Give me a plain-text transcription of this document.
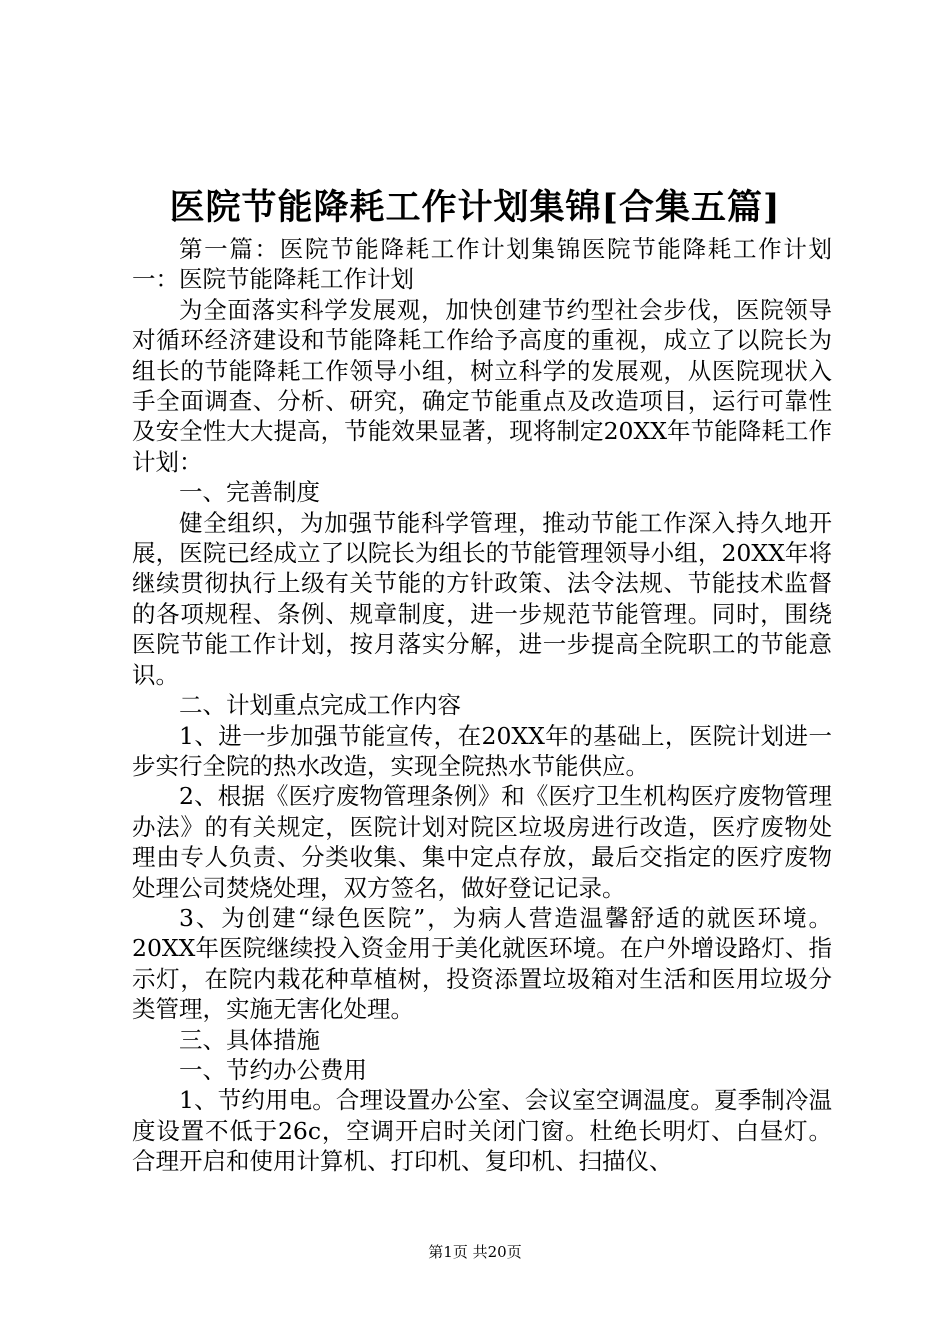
医院节能降耗工作计划集锦[合集五篇]

第一篇：医院节能降耗工作计划集锦医院节能降耗工作计划一：医院节能降耗工作计划

为全面落实科学发展观，加快创建节约型社会步伐，医院领导对循环经济建设和节能降耗工作给予高度的重视，成立了以院长为组长的节能降耗工作领导小组，树立科学的发展观，从医院现状入手全面调查、分析、研究，确定节能重点及改造项目，运行可靠性及安全性大大提高，节能效果显著，现将制定20XX年节能降耗工作计划：

一、完善制度

健全组织，为加强节能科学管理，推动节能工作深入持久地开展，医院已经成立了以院长为组长的节能管理领导小组，20XX年将继续贯彻执行上级有关节能的方针政策、法令法规、节能技术监督的各项规程、条例、规章制度，进一步规范节能管理。同时，围绕医院节能工作计划，按月落实分解，进一步提高全院职工的节能意识。

二、计划重点完成工作内容

1、进一步加强节能宣传，在20XX年的基础上，医院计划进一步实行全院的热水改造，实现全院热水节能供应。

2、根据《医疗废物管理条例》和《医疗卫生机构医疗废物管理办法》的有关规定，医院计划对院区垃圾房进行改造，医疗废物处理由专人负责、分类收集、集中定点存放，最后交指定的医疗废物处理公司焚烧处理，双方签名，做好登记记录。

3、为创建“绿色医院”，为病人营造温馨舒适的就医环境。20XX年医院继续投入资金用于美化就医环境。在户外增设路灯、指示灯，在院内栽花种草植树，投资添置垃圾箱对生活和医用垃圾分类管理，实施无害化处理。

三、具体措施

一、节约办公费用

1、节约用电。合理设置办公室、会议室空调温度。夏季制冷温度设置不低于26c，空调开启时关闭门窗。杜绝长明灯、白昼灯。合理开启和使用计算机、打印机、复印机、扫描仪、

第1页 共20页
